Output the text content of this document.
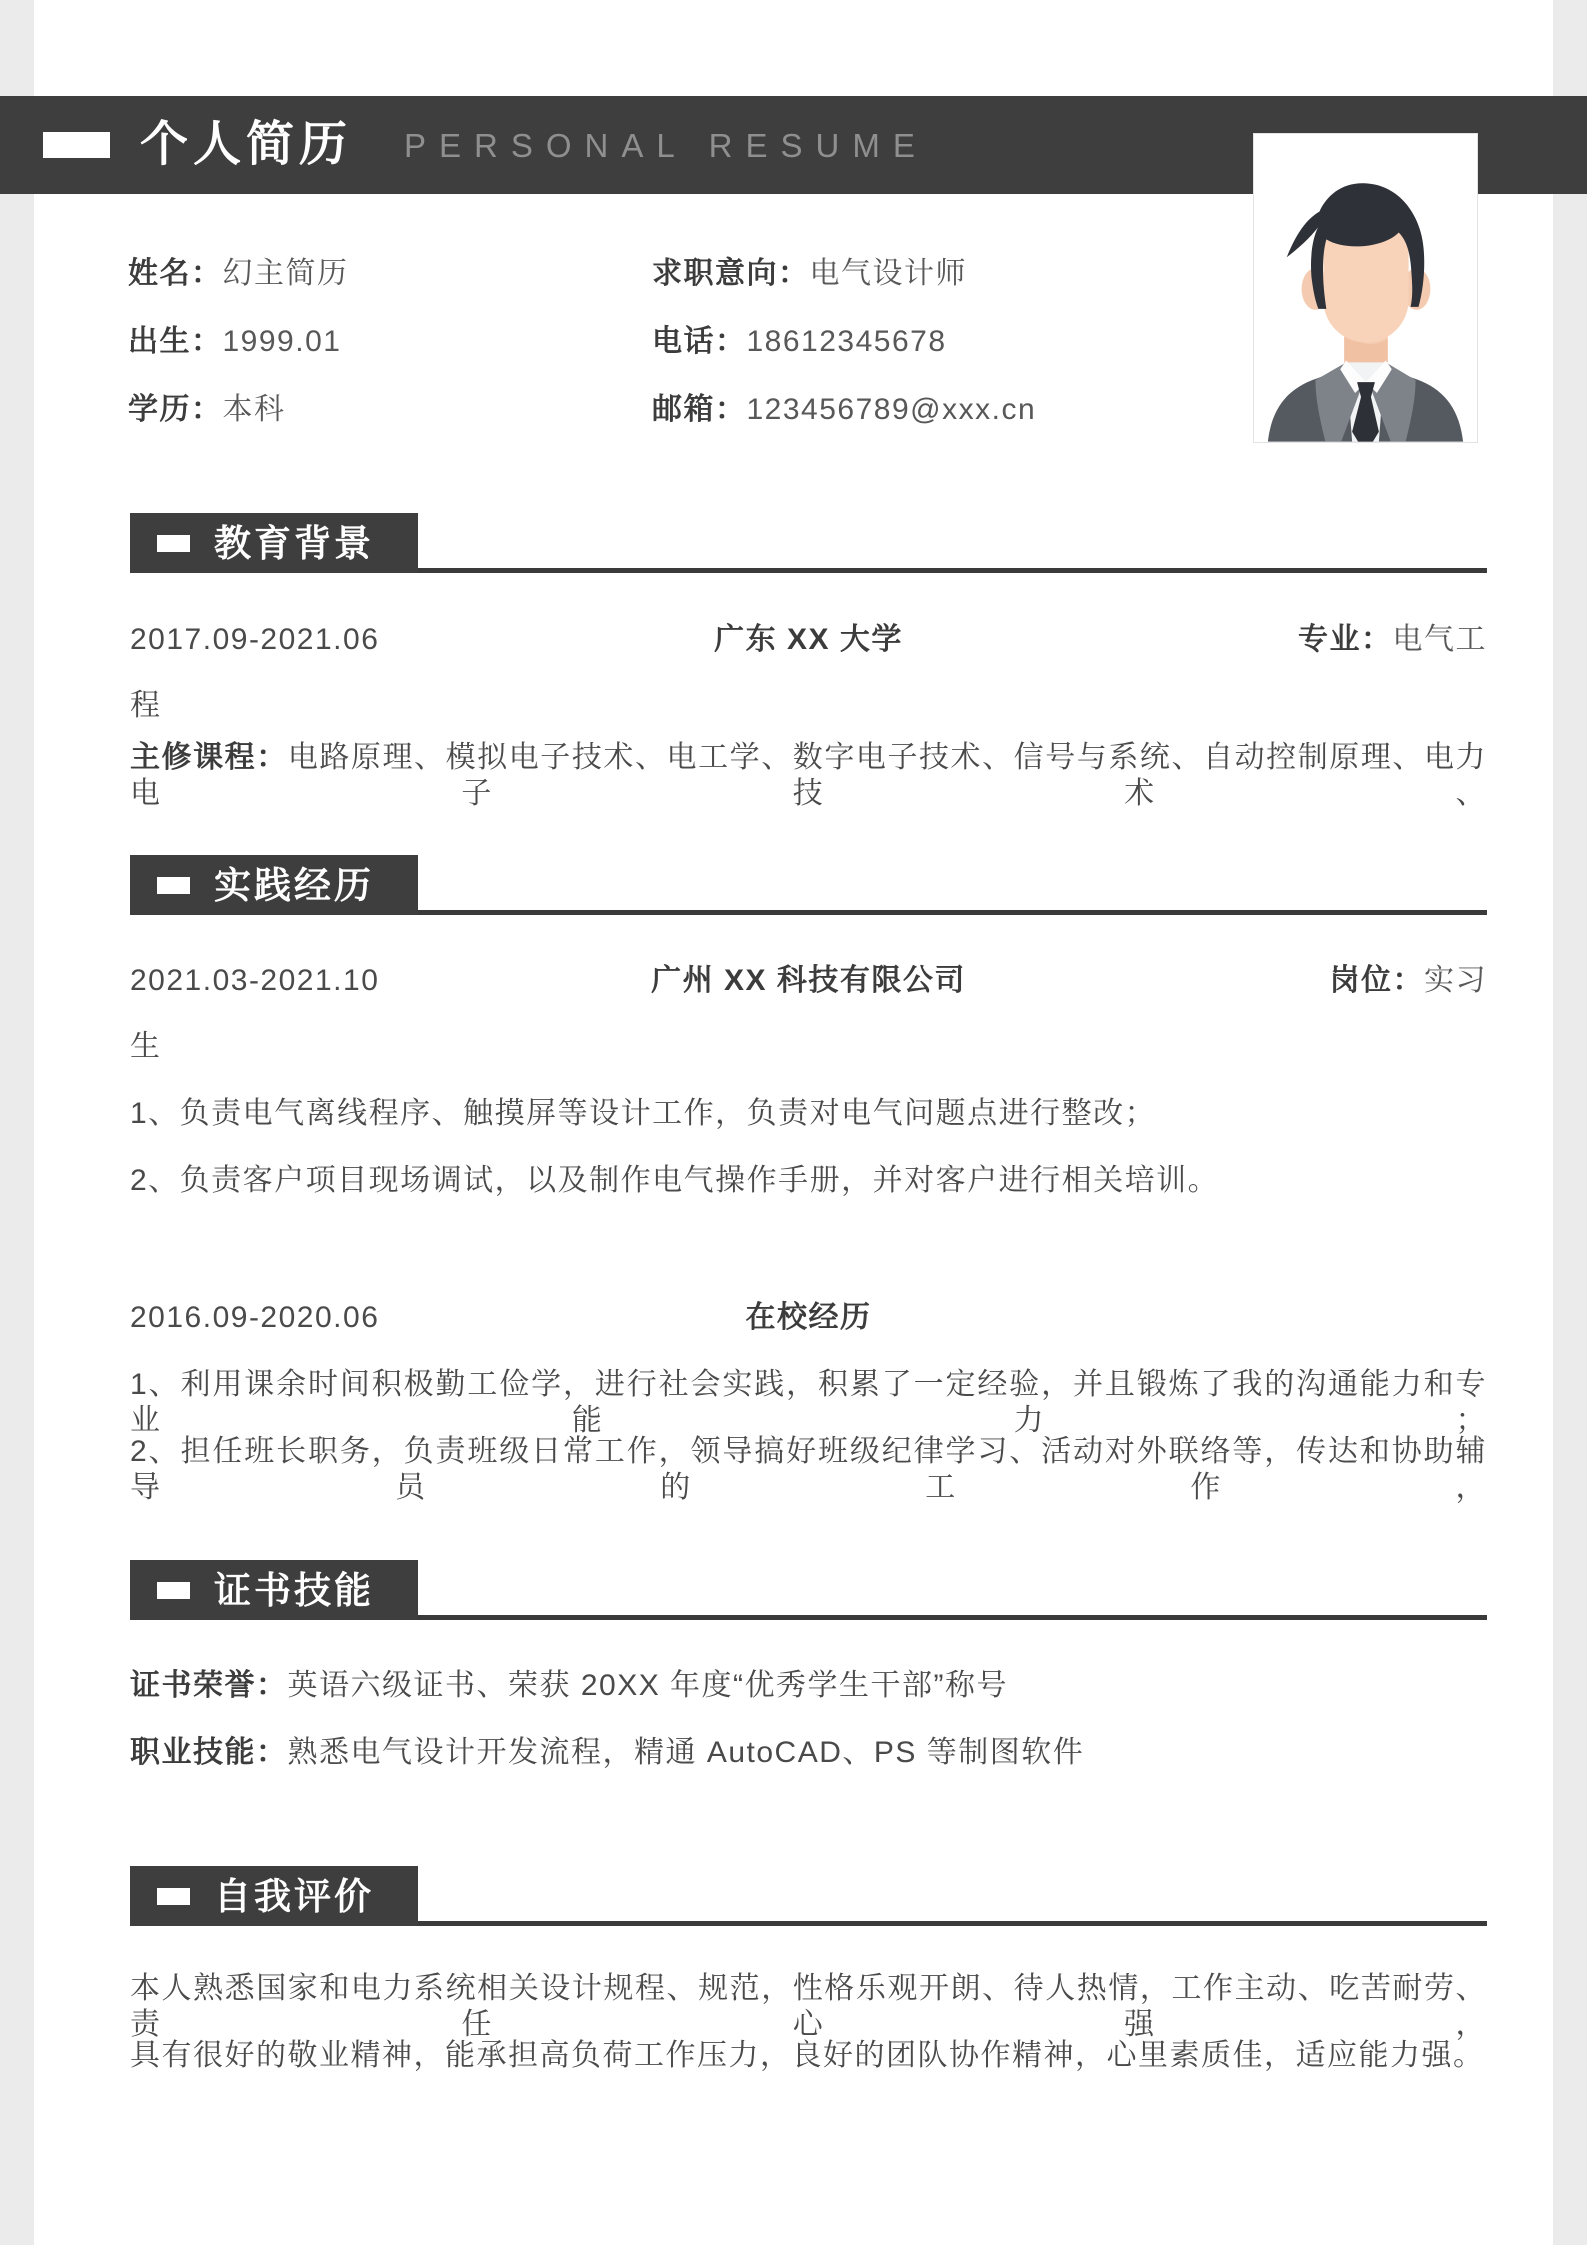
个人简历 PERSONAL RESUME
姓名：幻主简历
出生：1999.01
学历：本科
求职意向：电气设计师
电话：18612345678
邮箱：123456789@xxx.cn
教育背景
2017.09-2021.06	广东 XX 大学	专业：电气工
程
主修课程：电路原理、模拟电子技术、电工学、数字电子技术、信号与系统、自动控制原理、电力电子技术、
实践经历
2021.03-2021.10	广州 XX 科技有限公司	岗位：实习
生
1、负责电气离线程序、触摸屏等设计工作，负责对电气问题点进行整改；
2、负责客户项目现场调试，以及制作电气操作手册，并对客户进行相关培训。
2016.09-2020.06	在校经历
1、利用课余时间积极勤工俭学，进行社会实践，积累了一定经验，并且锻炼了我的沟通能力和专业能力；
2、担任班长职务，负责班级日常工作，领导搞好班级纪律学习、活动对外联络等，传达和协助辅导员的工作，
证书技能
证书荣誉：英语六级证书、荣获 20XX 年度“优秀学生干部”称号
职业技能：熟悉电气设计开发流程，精通 AutoCAD、PS 等制图软件
自我评价
本人熟悉国家和电力系统相关设计规程、规范，性格乐观开朗、待人热情，工作主动、吃苦耐劳、责任心强，
具有很好的敬业精神，能承担高负荷工作压力，良好的团队协作精神，心里素质佳，适应能力强。
